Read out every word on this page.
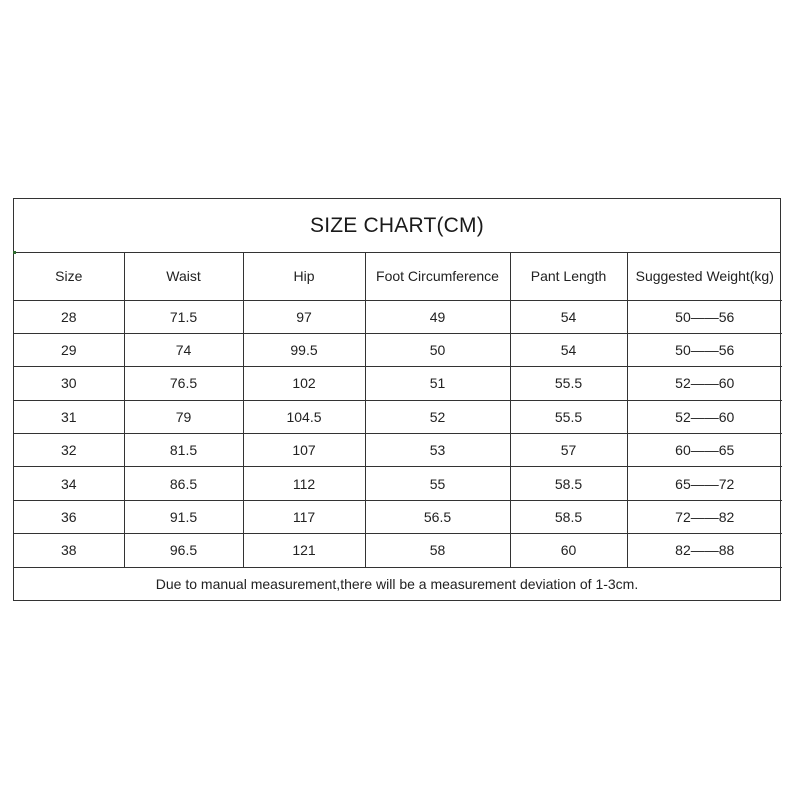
SIZE CHART(CM)
Size	Waist	Hip	Foot Circumference	Pant Length	Suggested Weight(kg)
28	71.5	97	49	54	50——56
29	74	99.5	50	54	50——56
30	76.5	102	51	55.5	52——60
31	79	104.5	52	55.5	52——60
32	81.5	107	53	57	60——65
34	86.5	112	55	58.5	65——72
36	91.5	117	56.5	58.5	72——82
38	96.5	121	58	60	82——88
Due to manual measurement,there will be a measurement deviation of 1-3cm.
